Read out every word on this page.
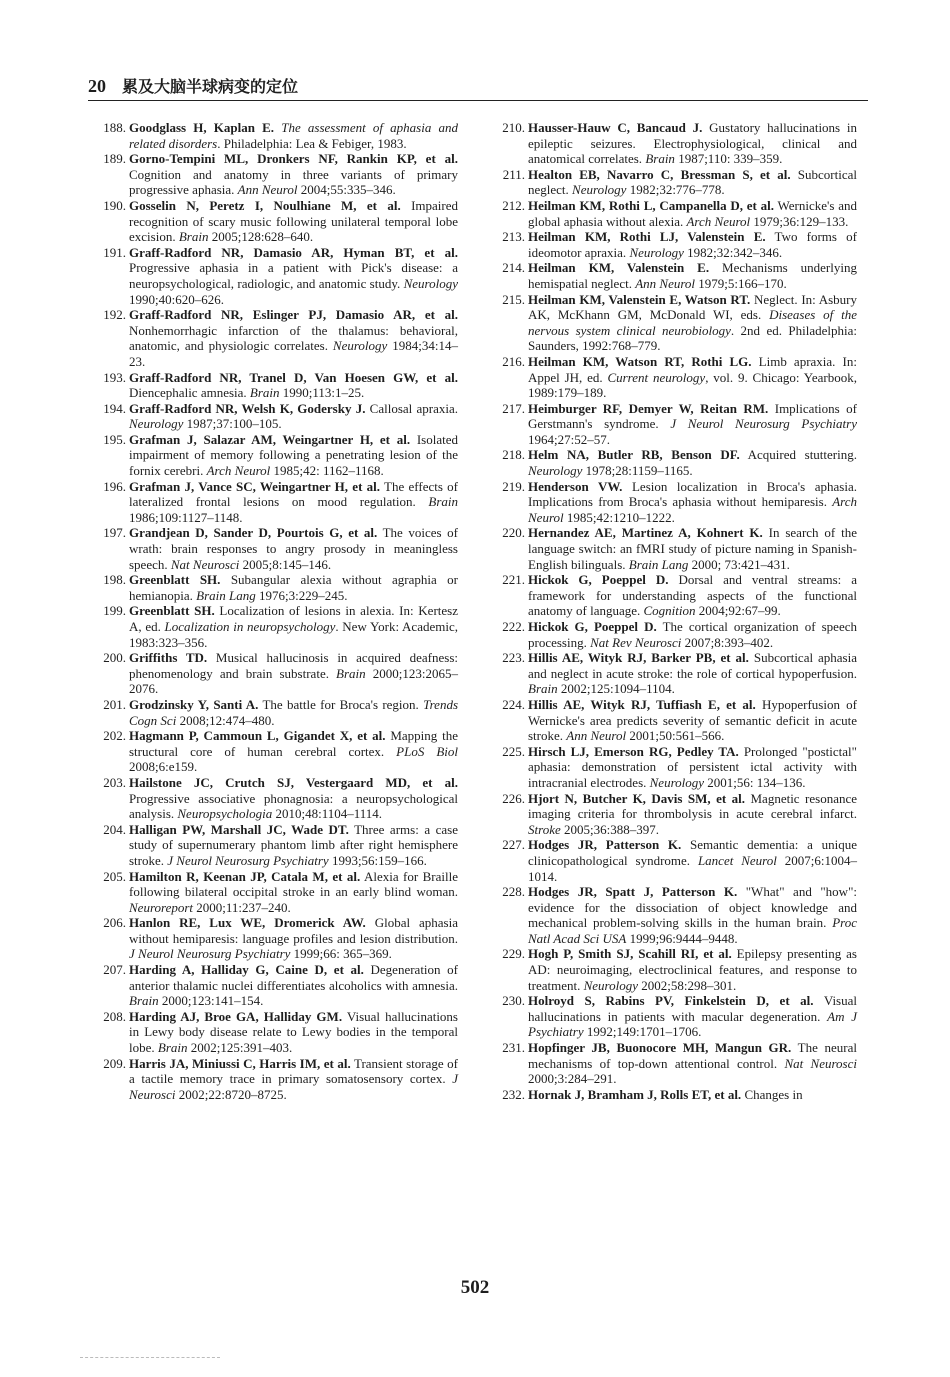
20 累及大脑半球病变的定位
188. Goodglass H, Kaplan E. The assessment of aphasia and related disorders. Philadelphia: Lea & Febiger, 1983.
189. Gorno-Tempini ML, Dronkers NF, Rankin KP, et al. Cognition and anatomy in three variants of primary progressive aphasia. Ann Neurol 2004;55:335–346.
190. Gosselin N, Peretz I, Noulhiane M, et al. Impaired recognition of scary music following unilateral temporal lobe excision. Brain 2005;128:628–640.
191. Graff-Radford NR, Damasio AR, Hyman BT, et al. Progressive aphasia in a patient with Pick's disease: a neuropsychological, radiologic, and anatomic study. Neurology 1990;40:620–626.
192. Graff-Radford NR, Eslinger PJ, Damasio AR, et al. Nonhemorrhagic infarction of the thalamus: behavioral, anatomic, and physiologic correlates. Neurology 1984;34:14–23.
193. Graff-Radford NR, Tranel D, Van Hoesen GW, et al. Diencephalic amnesia. Brain 1990;113:1–25.
194. Graff-Radford NR, Welsh K, Godersky J. Callosal apraxia. Neurology 1987;37:100–105.
195. Grafman J, Salazar AM, Weingartner H, et al. Isolated impairment of memory following a penetrating lesion of the fornix cerebri. Arch Neurol 1985;42: 1162–1168.
196. Grafman J, Vance SC, Weingartner H, et al. The effects of lateralized frontal lesions on mood regulation. Brain 1986;109:1127–1148.
197. Grandjean D, Sander D, Pourtois G, et al. The voices of wrath: brain responses to angry prosody in meaningless speech. Nat Neurosci 2005;8:145–146.
198. Greenblatt SH. Subangular alexia without agraphia or hemianopia. Brain Lang 1976;3:229–245.
199. Greenblatt SH. Localization of lesions in alexia. In: Kertesz A, ed. Localization in neuropsychology. New York: Academic, 1983:323–356.
200. Griffiths TD. Musical hallucinosis in acquired deafness: phenomenology and brain substrate. Brain 2000;123:2065–2076.
201. Grodzinsky Y, Santi A. The battle for Broca's region. Trends Cogn Sci 2008;12:474–480.
202. Hagmann P, Cammoun L, Gigandet X, et al. Mapping the structural core of human cerebral cortex. PLoS Biol 2008;6:e159.
203. Hailstone JC, Crutch SJ, Vestergaard MD, et al. Progressive associative phonagnosia: a neuropsychological analysis. Neuropsychologia 2010;48:1104–1114.
204. Halligan PW, Marshall JC, Wade DT. Three arms: a case study of supernumerary phantom limb after right hemisphere stroke. J Neurol Neurosurg Psychiatry 1993;56:159–166.
205. Hamilton R, Keenan JP, Catala M, et al. Alexia for Braille following bilateral occipital stroke in an early blind woman. Neuroreport 2000;11:237–240.
206. Hanlon RE, Lux WE, Dromerick AW. Global aphasia without hemiparesis: language profiles and lesion distribution. J Neurol Neurosurg Psychiatry 1999;66: 365–369.
207. Harding A, Halliday G, Caine D, et al. Degeneration of anterior thalamic nuclei differentiates alcoholics with amnesia. Brain 2000;123:141–154.
208. Harding AJ, Broe GA, Halliday GM. Visual hallucinations in Lewy body disease relate to Lewy bodies in the temporal lobe. Brain 2002;125:391–403.
209. Harris JA, Miniussi C, Harris IM, et al. Transient storage of a tactile memory trace in primary somatosensory cortex. J Neurosci 2002;22:8720–8725.
210. Hausser-Hauw C, Bancaud J. Gustatory hallucinations in epileptic seizures. Electrophysiological, clinical and anatomical correlates. Brain 1987;110: 339–359.
211. Healton EB, Navarro C, Bressman S, et al. Subcortical neglect. Neurology 1982;32:776–778.
212. Heilman KM, Rothi L, Campanella D, et al. Wernicke's and global aphasia without alexia. Arch Neurol 1979;36:129–133.
213. Heilman KM, Rothi LJ, Valenstein E. Two forms of ideomotor apraxia. Neurology 1982;32:342–346.
214. Heilman KM, Valenstein E. Mechanisms underlying hemispatial neglect. Ann Neurol 1979;5:166–170.
215. Heilman KM, Valenstein E, Watson RT. Neglect. In: Asbury AK, McKhann GM, McDonald WI, eds. Diseases of the nervous system clinical neurobiology. 2nd ed. Philadelphia: Saunders, 1992:768–779.
216. Heilman KM, Watson RT, Rothi LG. Limb apraxia. In: Appel JH, ed. Current neurology, vol. 9. Chicago: Yearbook, 1989:179–189.
217. Heimburger RF, Demyer W, Reitan RM. Implications of Gerstmann's syndrome. J Neurol Neurosurg Psychiatry 1964;27:52–57.
218. Helm NA, Butler RB, Benson DF. Acquired stuttering. Neurology 1978;28:1159–1165.
219. Henderson VW. Lesion localization in Broca's aphasia. Implications from Broca's aphasia without hemiparesis. Arch Neurol 1985;42:1210–1222.
220. Hernandez AE, Martinez A, Kohnert K. In search of the language switch: an fMRI study of picture naming in Spanish-English bilinguals. Brain Lang 2000; 73:421–431.
221. Hickok G, Poeppel D. Dorsal and ventral streams: a framework for understanding aspects of the functional anatomy of language. Cognition 2004;92:67–99.
222. Hickok G, Poeppel D. The cortical organization of speech processing. Nat Rev Neurosci 2007;8:393–402.
223. Hillis AE, Wityk RJ, Barker PB, et al. Subcortical aphasia and neglect in acute stroke: the role of cortical hypoperfusion. Brain 2002;125:1094–1104.
224. Hillis AE, Wityk RJ, Tuffiash E, et al. Hypoperfusion of Wernicke's area predicts severity of semantic deficit in acute stroke. Ann Neurol 2001;50:561–566.
225. Hirsch LJ, Emerson RG, Pedley TA. Prolonged "postictal" aphasia: demonstration of persistent ictal activity with intracranial electrodes. Neurology 2001;56: 134–136.
226. Hjort N, Butcher K, Davis SM, et al. Magnetic resonance imaging criteria for thrombolysis in acute cerebral infarct. Stroke 2005;36:388–397.
227. Hodges JR, Patterson K. Semantic dementia: a unique clinicopathological syndrome. Lancet Neurol 2007;6:1004–1014.
228. Hodges JR, Spatt J, Patterson K. "What" and "how": evidence for the dissociation of object knowledge and mechanical problem-solving skills in the human brain. Proc Natl Acad Sci USA 1999;96:9444–9448.
229. Hogh P, Smith SJ, Scahill RI, et al. Epilepsy presenting as AD: neuroimaging, electroclinical features, and response to treatment. Neurology 2002;58:298–301.
230. Holroyd S, Rabins PV, Finkelstein D, et al. Visual hallucinations in patients with macular degeneration. Am J Psychiatry 1992;149:1701–1706.
231. Hopfinger JB, Buonocore MH, Mangun GR. The neural mechanisms of top-down attentional control. Nat Neurosci 2000;3:284–291.
232. Hornak J, Bramham J, Rolls ET, et al. Changes in
502
